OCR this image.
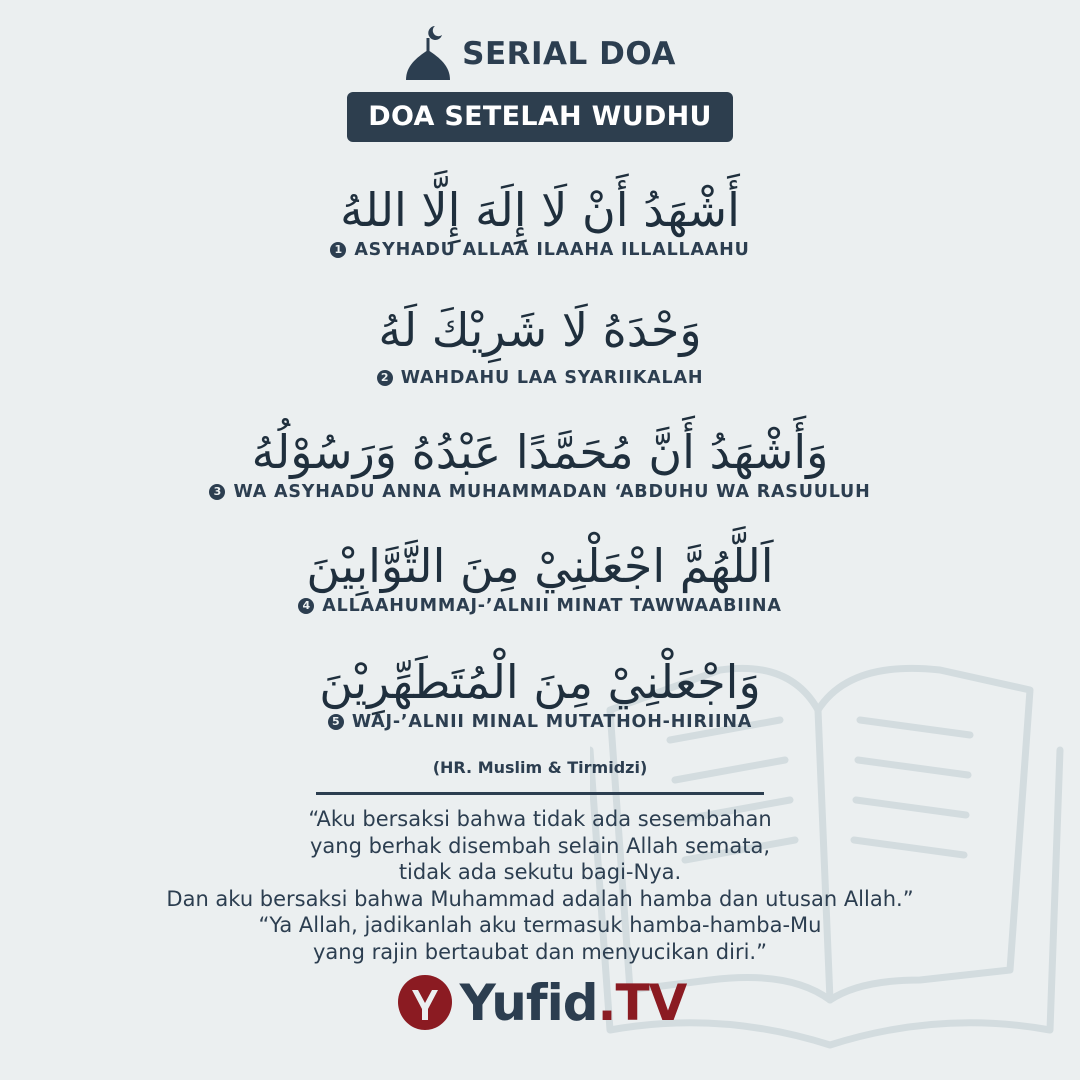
SERIAL DOA
DOA SETELAH WUDHU
أَشْهَدُ أَنْ لَا إِلَهَ إِلَّا اللهُ
1 ASYHADU ALLAA ILAAHA ILLALLAAHU
وَحْدَهُ لَا شَرِيْكَ لَهُ
2 WAHDAHU LAA SYARIIKALAH
وَأَشْهَدُ أَنَّ مُحَمَّدًا عَبْدُهُ وَرَسُوْلُهُ
3 WA ASYHADU ANNA MUHAMMADAN ‘ABDUHU WA RASUULUH
اَللَّهُمَّ اجْعَلْنِيْ مِنَ التَّوَّابِيْنَ
4 ALLAAHUMMAJ-’ALNII MINAT TAWWAABIINA
وَاجْعَلْنِيْ مِنَ الْمُتَطَهِّرِيْنَ
5 WAJ-’ALNII MINAL MUTATHOH-HIRIINA
(HR. Muslim & Tirmidzi)
“Aku bersaksi bahwa tidak ada sesembahan
yang berhak disembah selain Allah semata,
tidak ada sekutu bagi-Nya.
Dan aku bersaksi bahwa Muhammad adalah hamba dan utusan Allah.”
“Ya Allah, jadikanlah aku termasuk hamba-hamba-Mu
yang rajin bertaubat dan menyucikan diri.”
Yufid.TV
